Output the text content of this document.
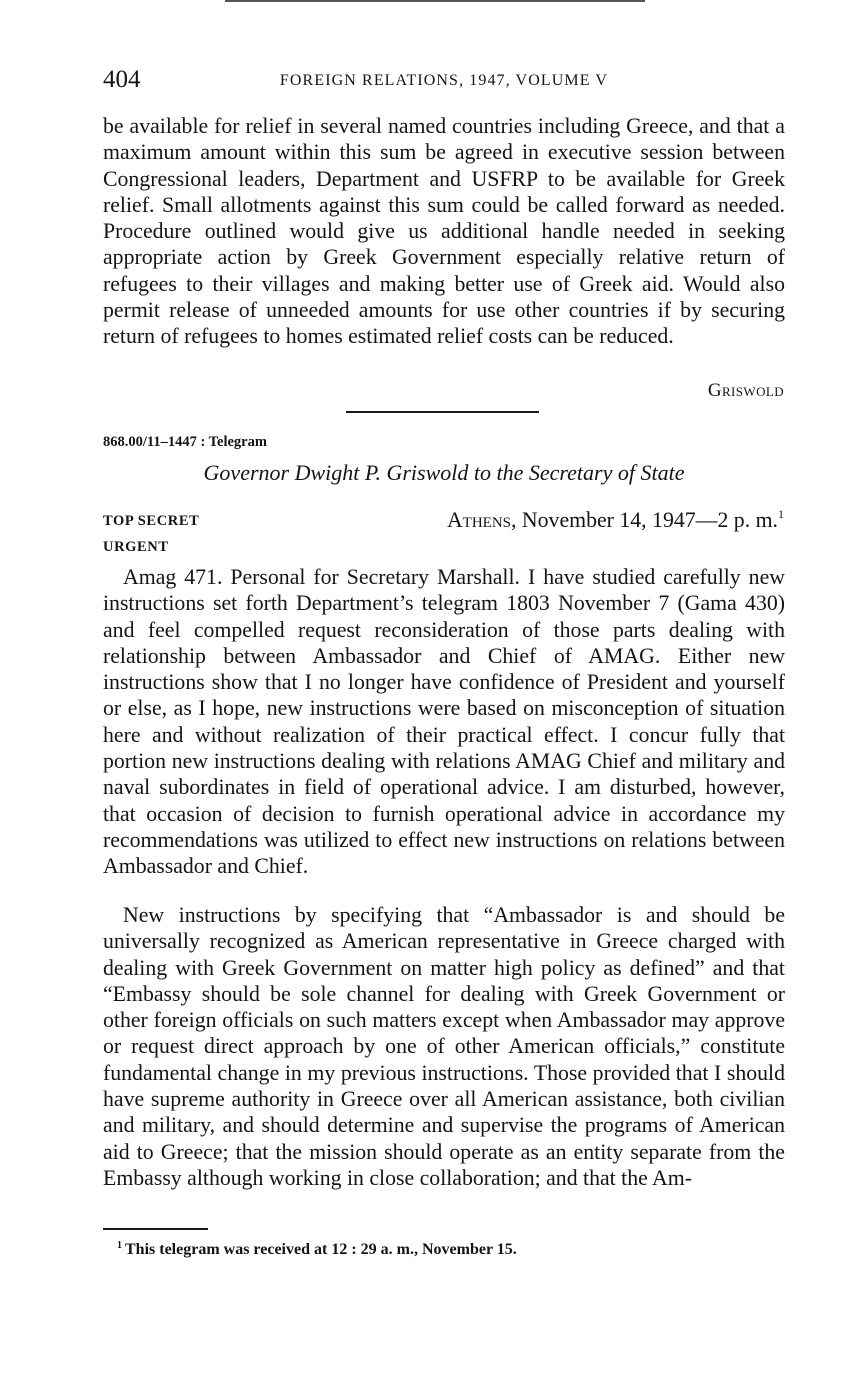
404	FOREIGN RELATIONS, 1947, VOLUME V

be available for relief in several named countries including Greece, and that a maximum amount within this sum be agreed in executive session between Congressional leaders, Department and USFRP to be available for Greek relief. Small allotments against this sum could be called forward as needed. Procedure outlined would give us additional handle needed in seeking appropriate action by Greek Government especially relative return of refugees to their villages and making better use of Greek aid. Would also permit release of unneeded amounts for use other countries if by securing return of refugees to homes estimated relief costs can be reduced.

Griswold
868.00/11–1447 : Telegram
Governor Dwight P. Griswold to the Secretary of State
TOP SECRET
URGENT
Athens, November 14, 1947—2 p. m.$^1$

Amag 471. Personal for Secretary Marshall. I have studied carefully new instructions set forth Department’s telegram 1803 November 7 (Gama 430) and feel compelled request reconsideration of those parts dealing with relationship between Ambassador and Chief of AMAG. Either new instructions show that I no longer have confidence of President and yourself or else, as I hope, new instructions were based on misconception of situation here and without realization of their practical effect. I concur fully that portion new instructions dealing with relations AMAG Chief and military and naval subordinates in field of operational advice. I am disturbed, however, that occasion of decision to furnish operational advice in accordance my recommendations was utilized to effect new instructions on relations between Ambassador and Chief.

New instructions by specifying that “Ambassador is and should be universally recognized as American representative in Greece charged with dealing with Greek Government on matter high policy as defined” and that “Embassy should be sole channel for dealing with Greek Government or other foreign officials on such matters except when Ambassador may approve or request direct approach by one of other American officials,” constitute fundamental change in my previous instructions. Those provided that I should have supreme authority in Greece over all American assistance, both civilian and military, and should determine and supervise the programs of American aid to Greece; that the mission should operate as an entity separate from the Embassy although working in close collaboration; and that the Am-

$^1$ This telegram was received at 12 : 29 a. m., November 15.
